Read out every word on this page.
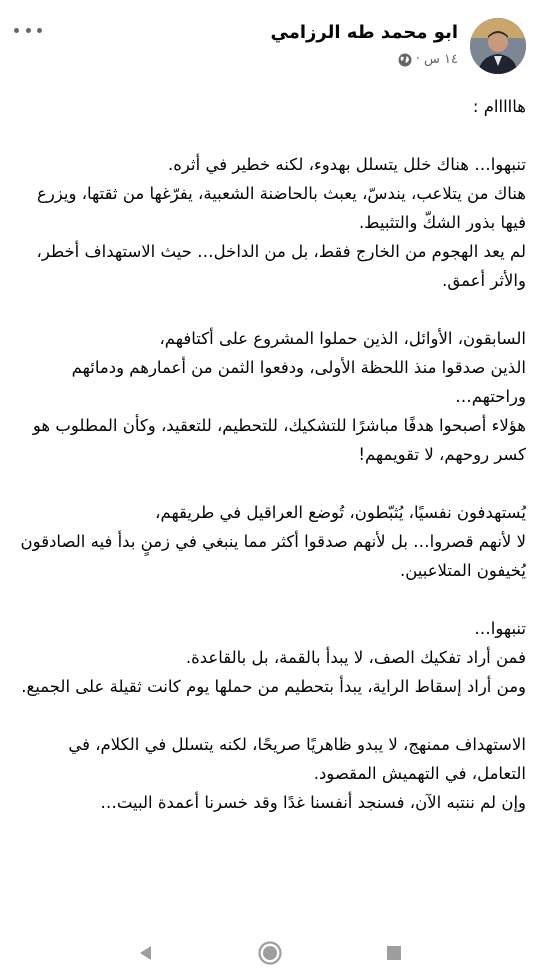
ابو محمد طه الرزامي
١٤ س ·
هااااام :
تنبهوا… هناك خلل يتسلل بهدوء، لكنه خطير في أثره.
هناك من يتلاعب، يندسّ، يعبث بالحاضنة الشعبية، يفرّغها من ثقتها، ويزرع فيها بذور الشكّ والتثبيط.
لم يعد الهجوم من الخارج فقط، بل من الداخل… حيث الاستهداف أخطر، والأثر أعمق.
السابقون، الأوائل، الذين حملوا المشروع على أكتافهم،
الذين صدقوا منذ اللحظة الأولى، ودفعوا الثمن من أعمارهم ودمائهم وراحتهم…
هؤلاء أصبحوا هدفًا مباشرًا للتشكيك، للتحطيم، للتعقيد، وكأن المطلوب هو كسر روحهم، لا تقويمهم!
يُستهدفون نفسيًا، يُثبّطون، تُوضع العراقيل في طريقهم،
لا لأنهم قصروا… بل لأنهم صدقوا أكثر مما ينبغي في زمنٍ بدأ فيه الصادقون يُخيفون المتلاعبين.
تنبهوا…
فمن أراد تفكيك الصف، لا يبدأ بالقمة، بل بالقاعدة.
ومن أراد إسقاط الراية، يبدأ بتحطيم من حملها يوم كانت ثقيلة على الجميع.
الاستهداف ممنهج، لا يبدو ظاهريًا صريحًا، لكنه يتسلل في الكلام، في التعامل، في التهميش المقصود.
وإن لم ننتبه الآن، فسنجد أنفسنا غدًا وقد خسرنا أعمدة البيت…
